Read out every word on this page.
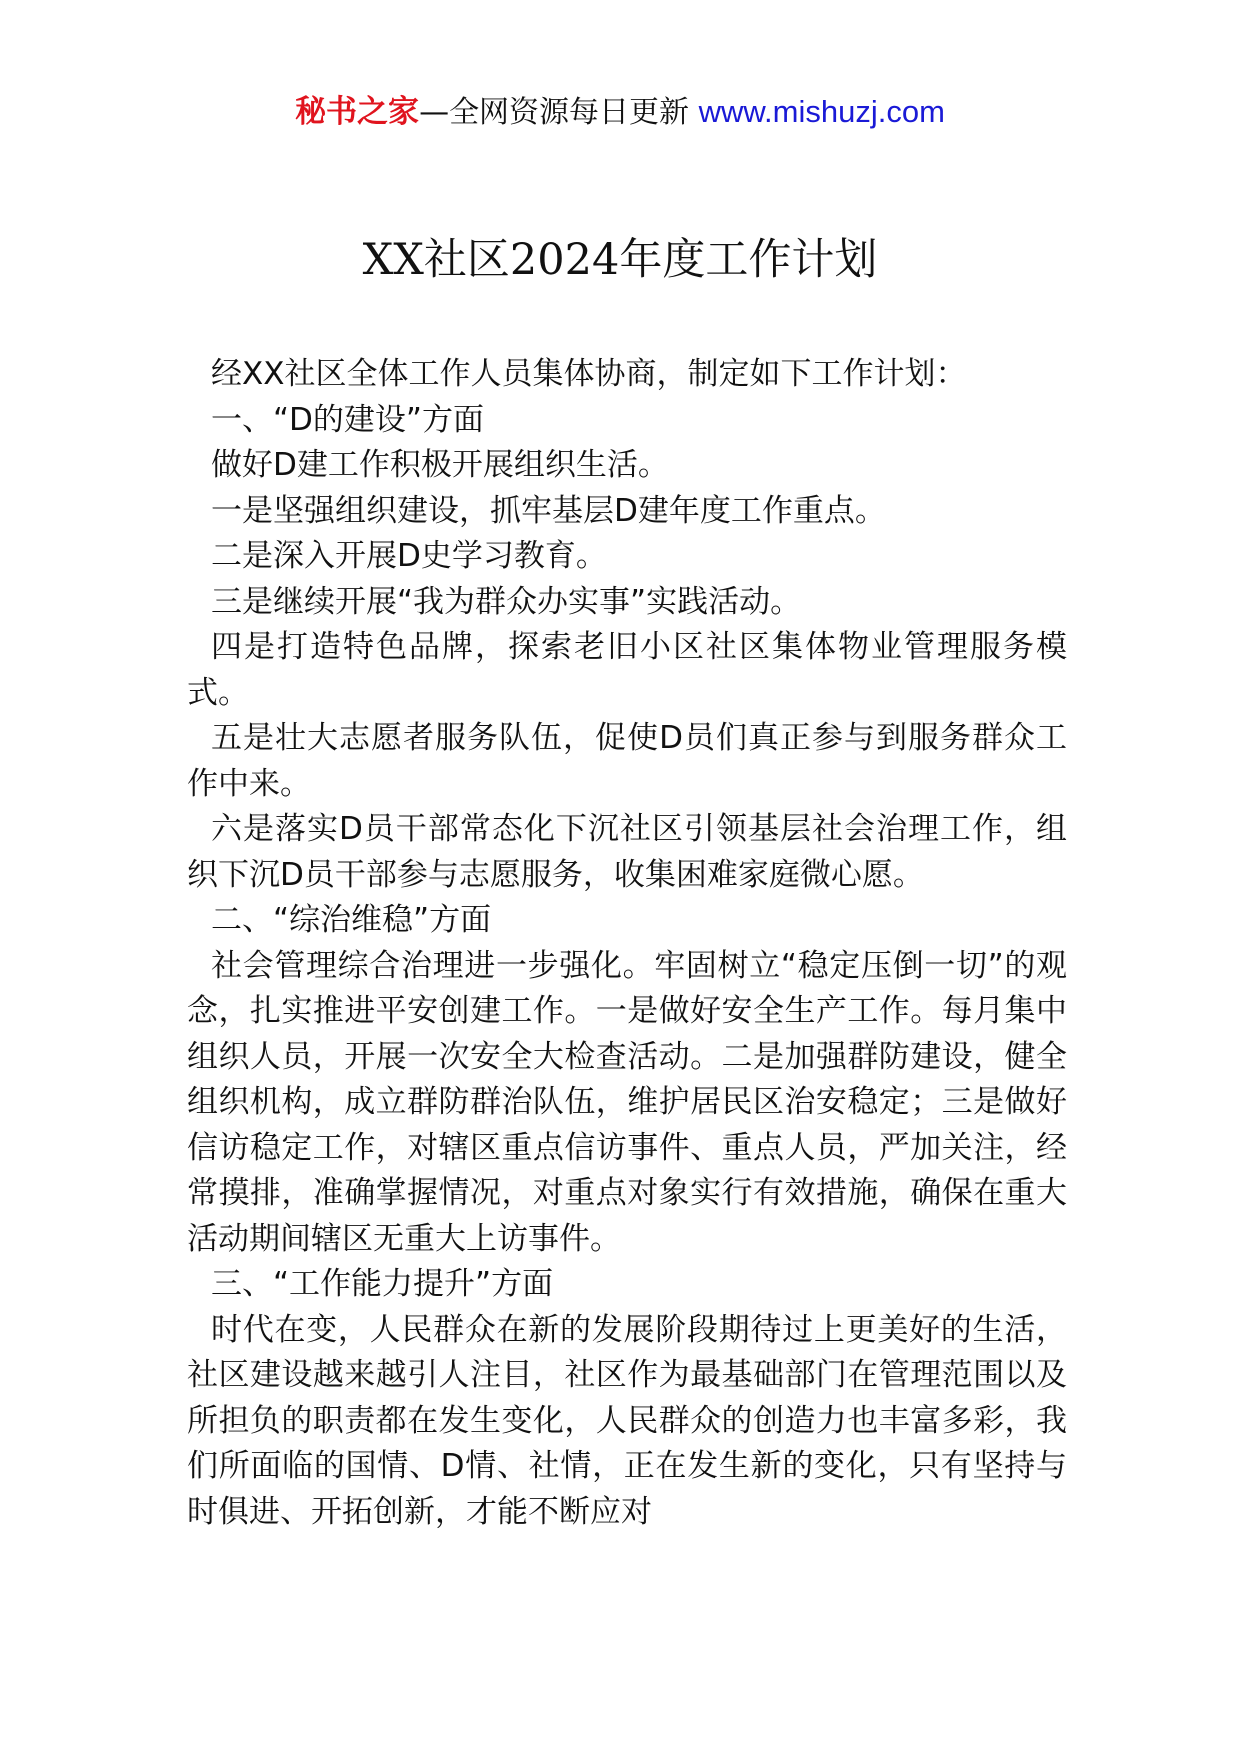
秘书之家—全网资源每日更新 www.mishuzj.com
XX社区2024年度工作计划

经XX社区全体工作人员集体协商，制定如下工作计划：

一、“D的建设”方面

做好D建工作积极开展组织生活。

一是坚强组织建设，抓牢基层D建年度工作重点。

二是深入开展D史学习教育。

三是继续开展“我为群众办实事”实践活动。

四是打造特色品牌，探索老旧小区社区集体物业管理服务模式。

五是壮大志愿者服务队伍，促使D员们真正参与到服务群众工作中来。

六是落实D员干部常态化下沉社区引领基层社会治理工作，组织下沉D员干部参与志愿服务，收集困难家庭微心愿。

二、“综治维稳”方面

社会管理综合治理进一步强化。牢固树立“稳定压倒一切”的观念，扎实推进平安创建工作。一是做好安全生产工作。每月集中组织人员，开展一次安全大检查活动。二是加强群防建设，健全组织机构，成立群防群治队伍，维护居民区治安稳定；三是做好信访稳定工作，对辖区重点信访事件、重点人员，严加关注，经常摸排，准确掌握情况，对重点对象实行有效措施，确保在重大活动期间辖区无重大上访事件。

三、“工作能力提升”方面

时代在变，人民群众在新的发展阶段期待过上更美好的生活，社区建设越来越引人注目，社区作为最基础部门在管理范围以及所担负的职责都在发生变化，人民群众的创造力也丰富多彩，我们所面临的国情、D情、社情，正在发生新的变化，只有坚持与时俱进、开拓创新，才能不断应对
